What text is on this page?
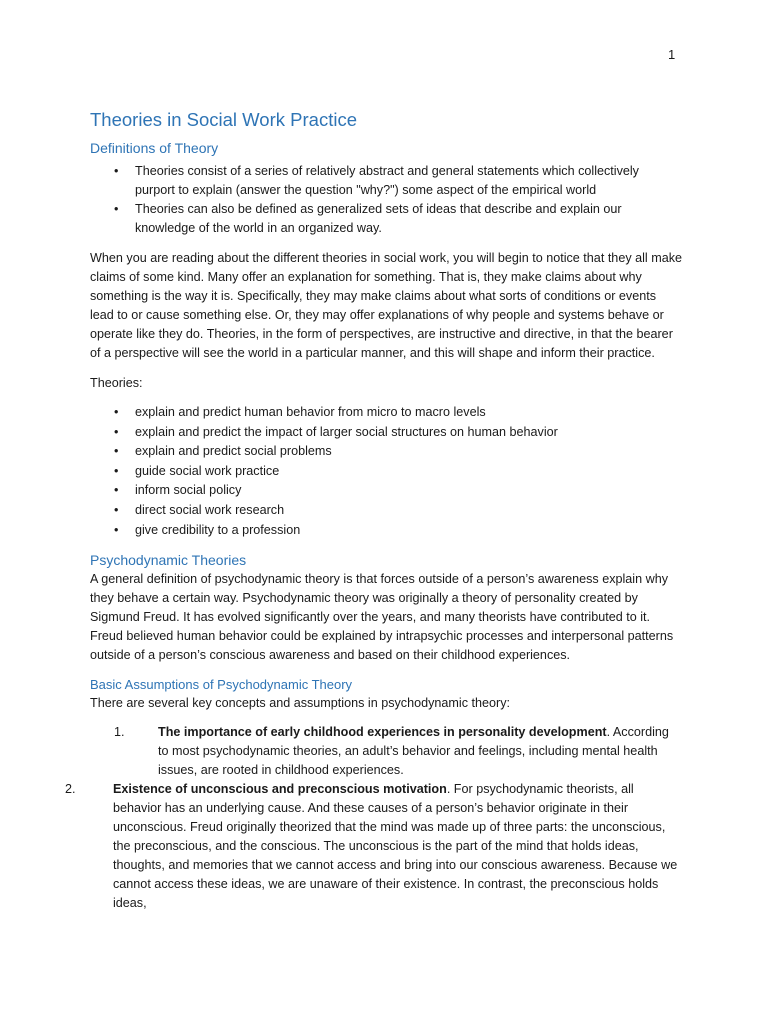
1
Theories in Social Work Practice
Definitions of Theory
• Theories consist of a series of relatively abstract and general statements which collectively purport to explain (answer the question "why?") some aspect of the empirical world
• Theories can also be defined as generalized sets of ideas that describe and explain our knowledge of the world in an organized way.

When you are reading about the different theories in social work, you will begin to notice that they all make claims of some kind. Many offer an explanation for something. That is, they make claims about why something is the way it is. Specifically, they may make claims about what sorts of conditions or events lead to or cause something else. Or, they may offer explanations of why people and systems behave or operate like they do. Theories, in the form of perspectives, are instructive and directive, in that the bearer of a perspective will see the world in a particular manner, and this will shape and inform their practice.

Theories:

• explain and predict human behavior from micro to macro levels
• explain and predict the impact of larger social structures on human behavior
• explain and predict social problems
• guide social work practice
• inform social policy
• direct social work research
• give credibility to a profession
Psychodynamic Theories

A general definition of psychodynamic theory is that forces outside of a person’s awareness explain why they behave a certain way. Psychodynamic theory was originally a theory of personality created by Sigmund Freud. It has evolved significantly over the years, and many theorists have contributed to it. Freud believed human behavior could be explained by intrapsychic processes and interpersonal patterns outside of a person’s conscious awareness and based on their childhood experiences.

Basic Assumptions of Psychodynamic Theory

There are several key concepts and assumptions in psychodynamic theory:

1.	The importance of early childhood experiences in personality development. According to most psychodynamic theories, an adult’s behavior and feelings, including mental health issues, are rooted in childhood experiences.
2.	Existence of unconscious and preconscious motivation. For psychodynamic theorists, all behavior has an underlying cause. And these causes of a person’s behavior originate in their unconscious. Freud originally theorized that the mind was made up of three parts: the unconscious, the preconscious, and the conscious. The unconscious is the part of the mind that holds ideas, thoughts, and memories that we cannot access and bring into our conscious awareness. Because we cannot access these ideas, we are unaware of their existence. In contrast, the preconscious holds ideas,
